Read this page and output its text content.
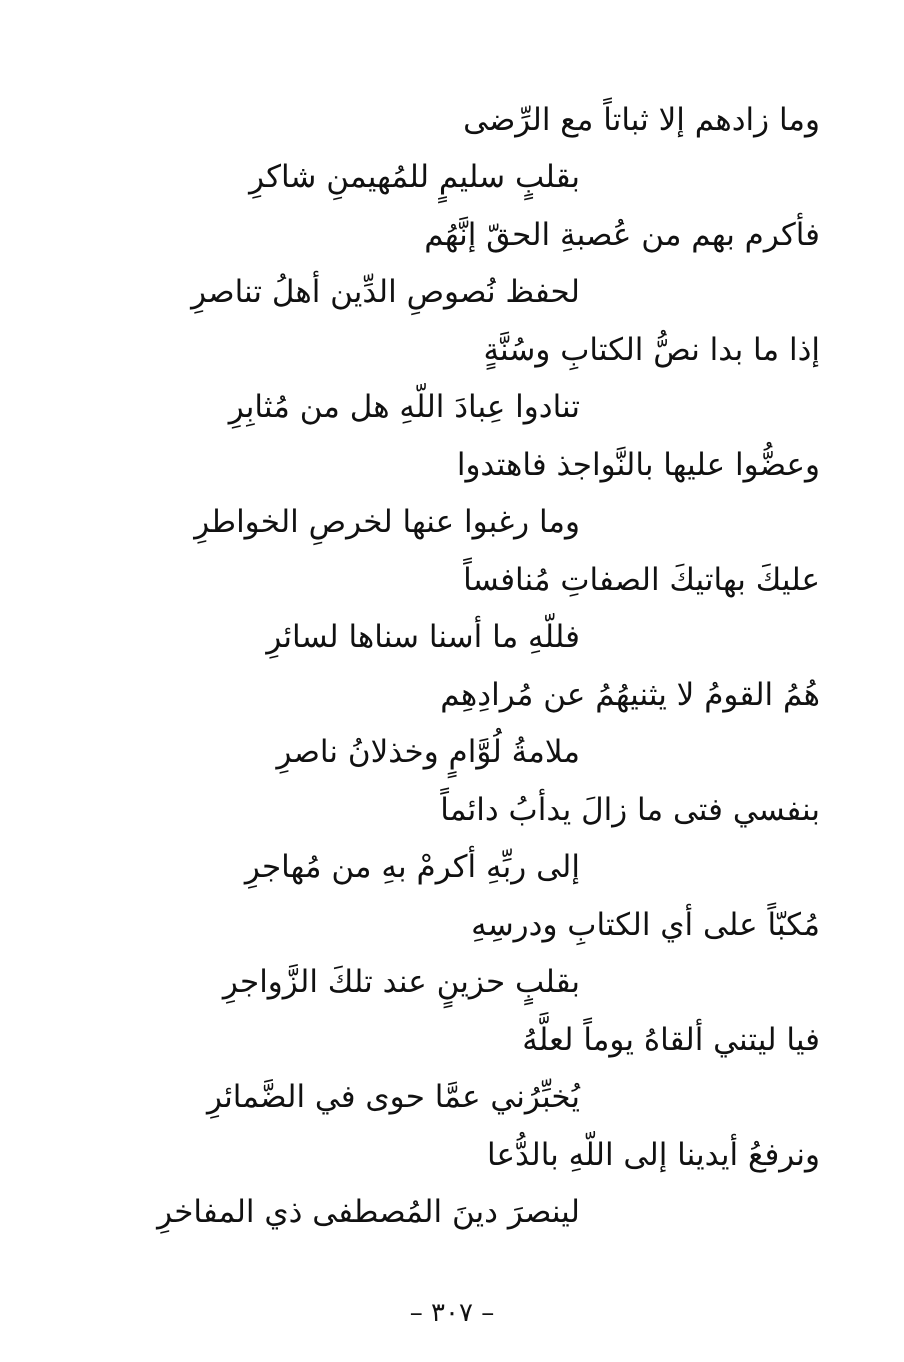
وما زادهم إلا ثباتاً مع الرِّضى
بقلبٍ سليمٍ للمُهيمنِ شاكرِ
فأكرم بهم من عُصبةِ الحقّ إنَّهُم
لحفظ نُصوصِ الدِّين أهلُ تناصرِ
إذا ما بدا نصُّ الكتابِ وسُنَّةٍ
تنادوا عِبادَ اللّهِ هل من مُثابِرِ
وعضُّوا عليها بالنَّواجذ فاهتدوا
وما رغبوا عنها لخرصِ الخواطرِ
عليكَ بهاتيكَ الصفاتِ مُنافساً
فللّهِ ما أسنا سناها لسائرِ
هُمُ القومُ لا يثنيهُمُ عن مُرادِهِم
ملامةُ لُوَّامٍ وخذلانُ ناصرِ
بنفسي فتى ما زالَ يدأبُ دائماً
إلى ربِّهِ أكرمْ بهِ من مُهاجرِ
مُكبّاً على أي الكتابِ ودرسِهِ
بقلبٍ حزينٍ عند تلكَ الزَّواجرِ
فيا ليتني ألقاهُ يوماً لعلَّهُ
يُخبِّرُني عمَّا حوى في الضَّمائرِ
ونرفعُ أيدينا إلى اللّهِ بالدُّعا
لينصرَ دينَ المُصطفى ذي المفاخرِ
– ٣٠٧ –
